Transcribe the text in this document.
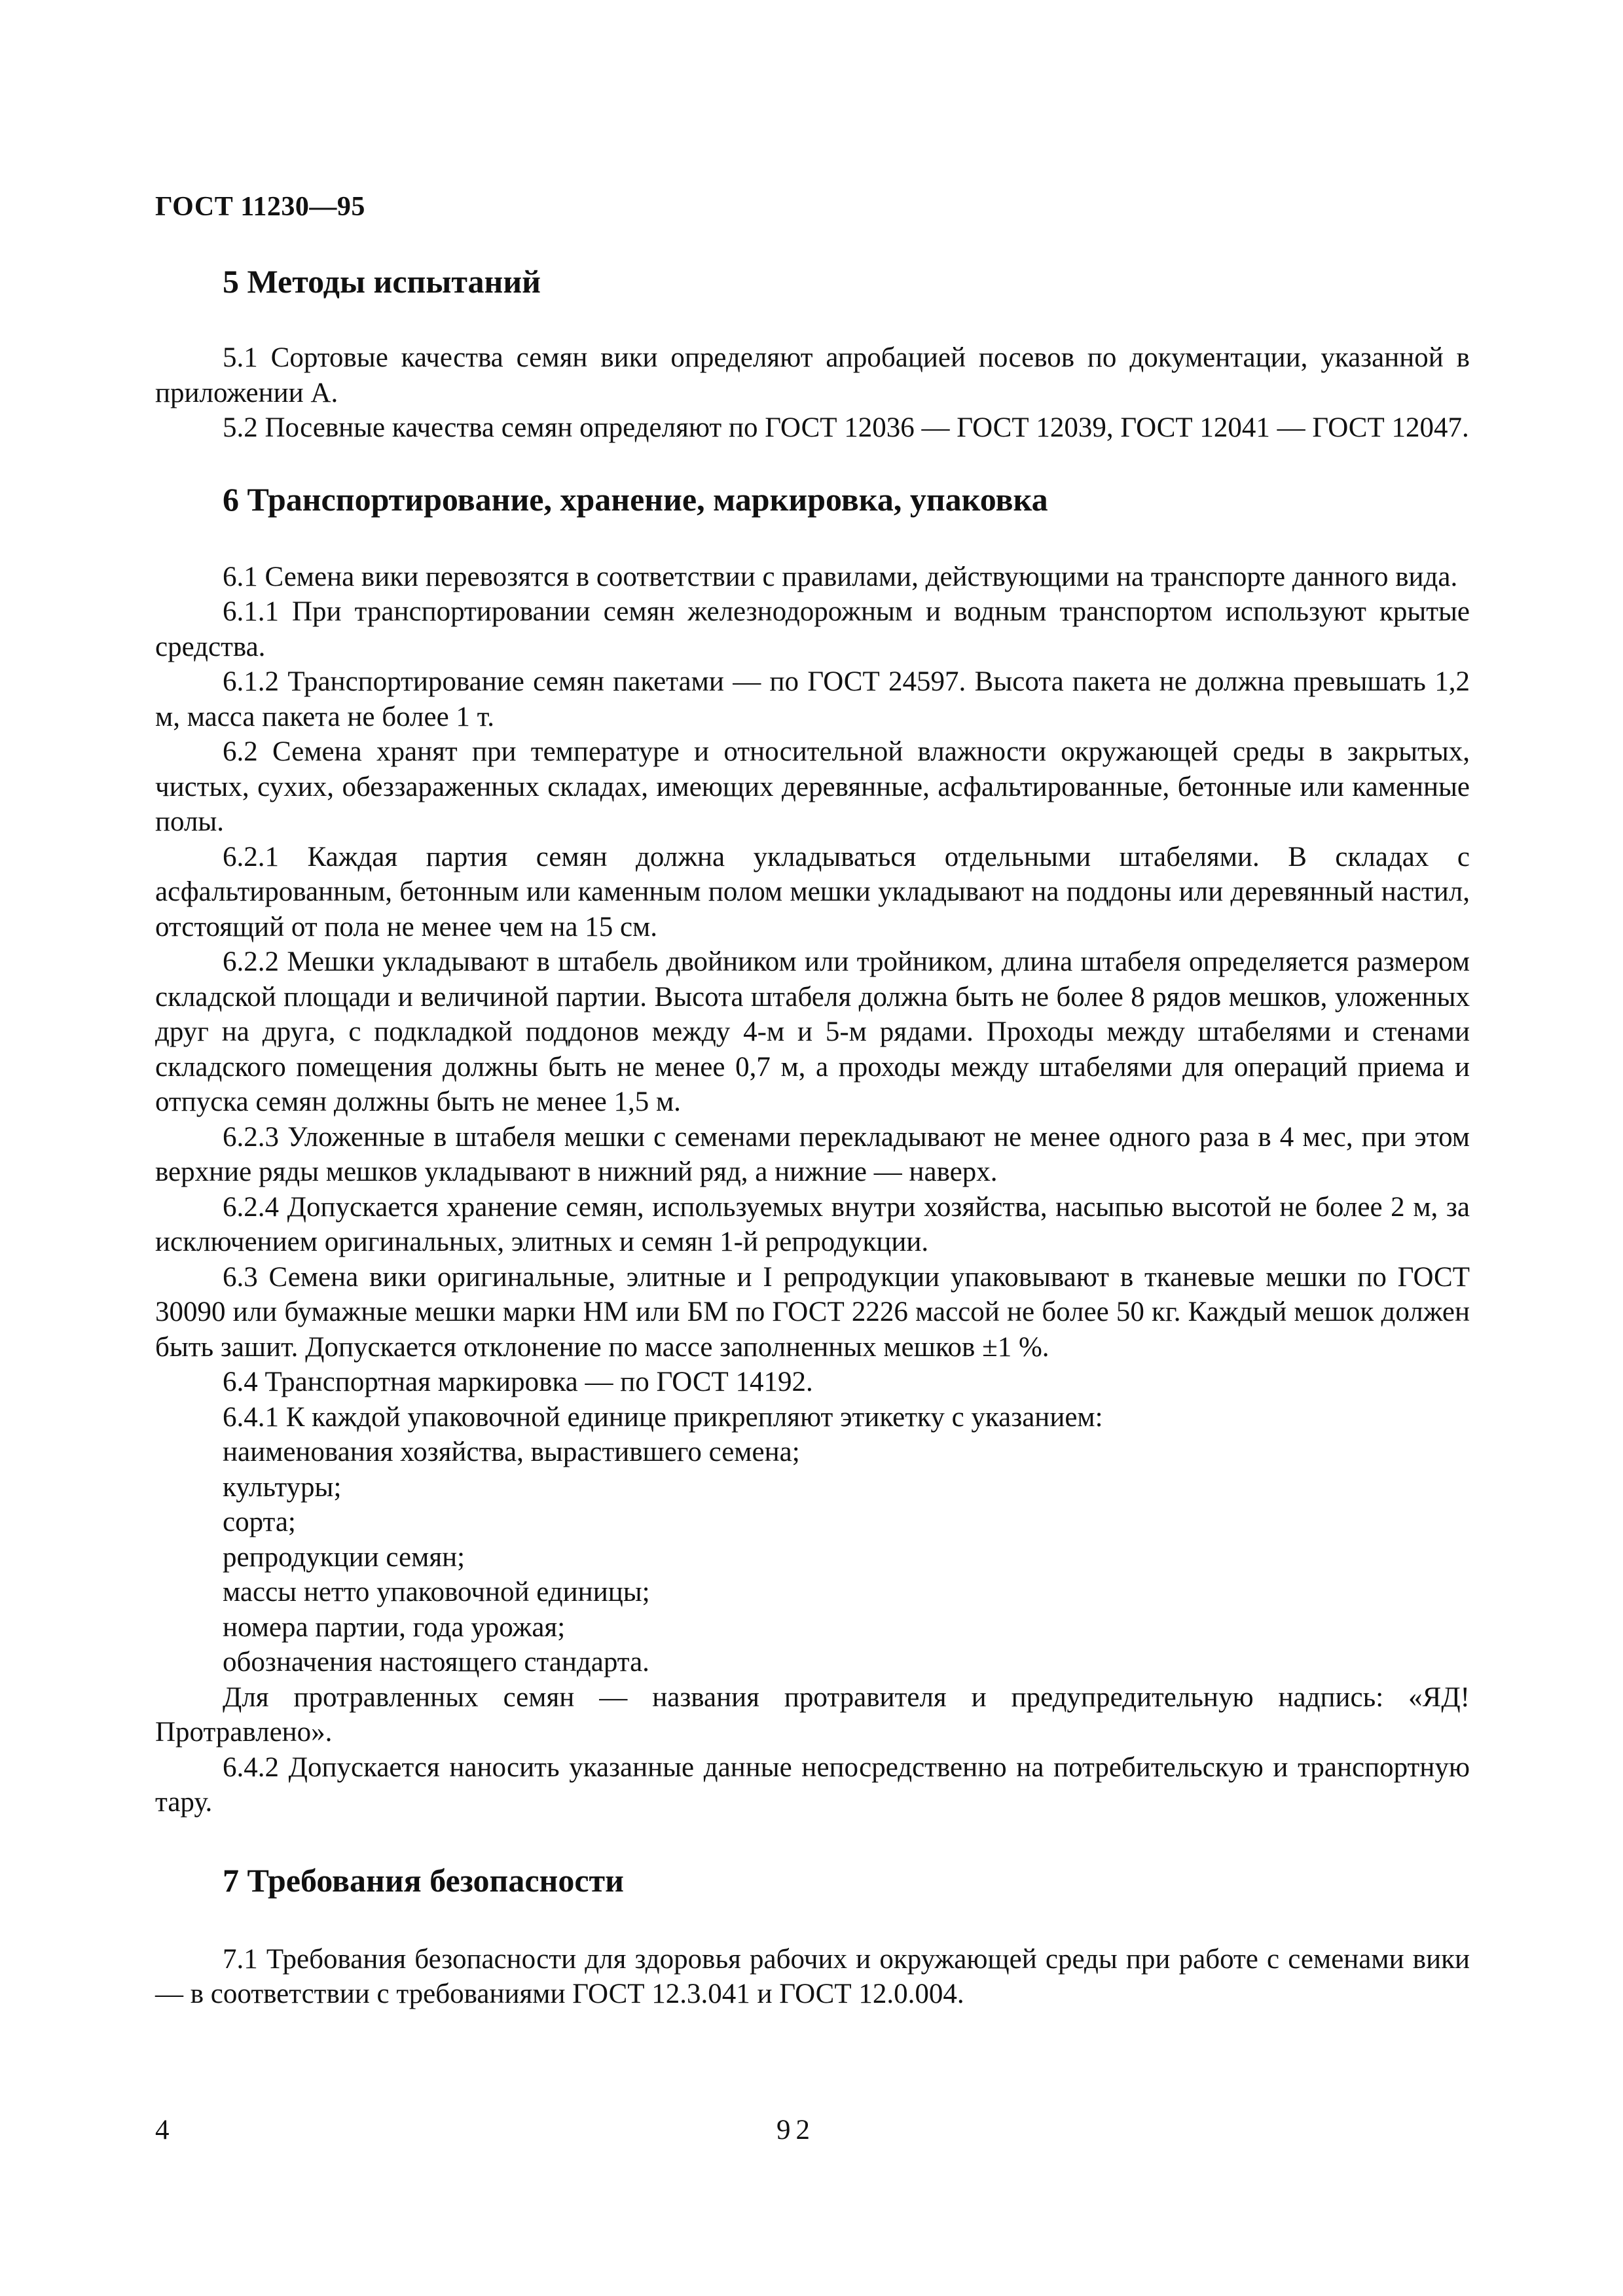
ГОСТ 11230—95
5 Методы испытаний

5.1 Сортовые качества семян вики определяют апробацией посевов по документации, указанной в приложении А.

5.2 Посевные качества семян определяют по ГОСТ 12036 — ГОСТ 12039, ГОСТ 12041 — ГОСТ 12047.

6 Транспортирование, хранение, маркировка, упаковка

6.1 Семена вики перевозятся в соответствии с правилами, действующими на транспорте данного вида.

6.1.1 При транспортировании семян железнодорожным и водным транспортом используют крытые средства.

6.1.2 Транспортирование семян пакетами — по ГОСТ 24597. Высота пакета не должна превышать 1,2 м, масса пакета не более 1 т.

6.2 Семена хранят при температуре и относительной влажности окружающей среды в закрытых, чистых, сухих, обеззараженных складах, имеющих деревянные, асфальтированные, бетонные или каменные полы.

6.2.1 Каждая партия семян должна укладываться отдельными штабелями. В складах с асфальтированным, бетонным или каменным полом мешки укладывают на поддоны или деревянный настил, отстоящий от пола не менее чем на 15 см.

6.2.2 Мешки укладывают в штабель двойником или тройником, длина штабеля определяется размером складской площади и величиной партии. Высота штабеля должна быть не более 8 рядов мешков, уложенных друг на друга, с подкладкой поддонов между 4-м и 5-м рядами. Проходы между штабелями и стенами складского помещения должны быть не менее 0,7 м, а проходы между штабелями для операций приема и отпуска семян должны быть не менее 1,5 м.

6.2.3 Уложенные в штабеля мешки с семенами перекладывают не менее одного раза в 4 мес, при этом верхние ряды мешков укладывают в нижний ряд, а нижние — наверх.

6.2.4 Допускается хранение семян, используемых внутри хозяйства, насыпью высотой не более 2 м, за исключением оригинальных, элитных и семян 1-й репродукции.

6.3 Семена вики оригинальные, элитные и I репродукции упаковывают в тканевые мешки по ГОСТ 30090 или бумажные мешки марки НМ или БМ по ГОСТ 2226 массой не более 50 кг. Каждый мешок должен быть зашит. Допускается отклонение по массе заполненных мешков ±1 %.

6.4 Транспортная маркировка — по ГОСТ 14192.

6.4.1 К каждой упаковочной единице прикрепляют этикетку с указанием:

наименования хозяйства, вырастившего семена;

культуры;

сорта;

репродукции семян;

массы нетто упаковочной единицы;

номера партии, года урожая;

обозначения настоящего стандарта.

Для протравленных семян — названия протравителя и предупредительную надпись: «ЯД! Протравлено».

6.4.2 Допускается наносить указанные данные непосредственно на потребительскую и транспортную тару.

7 Требования безопасности

7.1 Требования безопасности для здоровья рабочих и окружающей среды при работе с семенами вики — в соответствии с требованиями ГОСТ 12.3.041 и ГОСТ 12.0.004.

4	92
